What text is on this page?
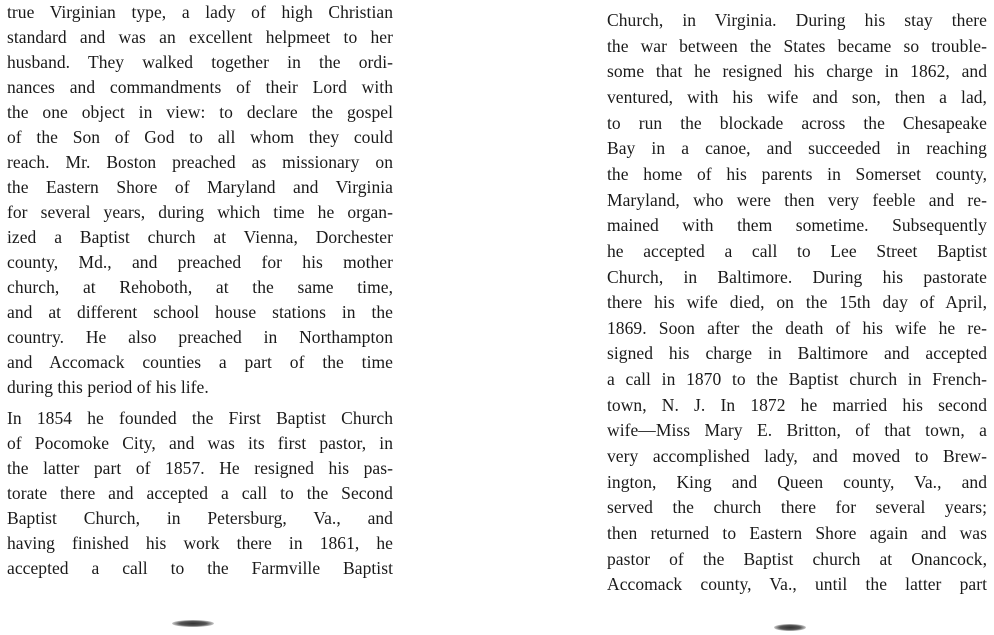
true Virginian type, a lady of high Christian
standard and was an excellent helpmeet to her
husband. They walked together in the ordi-
nances and commandments of their Lord with
the one object in view: to declare the gospel
of the Son of God to all whom they could
reach. Mr. Boston preached as missionary on
the Eastern Shore of Maryland and Virginia
for several years, during which time he organ-
ized a Baptist church at Vienna, Dorchester
county, Md., and preached for his mother
church, at Rehoboth, at the same time,
and at different school house stations in the
country. He also preached in Northampton
and Accomack counties a part of the time
during this period of his life.
In 1854 he founded the First Baptist Church
of Pocomoke City, and was its first pastor, in
the latter part of 1857. He resigned his pas-
torate there and accepted a call to the Second
Baptist Church, in Petersburg, Va., and
having finished his work there in 1861, he
accepted a call to the Farmville Baptist
Church, in Virginia. During his stay there
the war between the States became so trouble-
some that he resigned his charge in 1862, and
ventured, with his wife and son, then a lad,
to run the blockade across the Chesapeake
Bay in a canoe, and succeeded in reaching
the home of his parents in Somerset county,
Maryland, who were then very feeble and re-
mained with them sometime. Subsequently
he accepted a call to Lee Street Baptist
Church, in Baltimore. During his pastorate
there his wife died, on the 15th day of April,
1869. Soon after the death of his wife he re-
signed his charge in Baltimore and accepted
a call in 1870 to the Baptist church in French-
town, N. J. In 1872 he married his second
wife—Miss Mary E. Britton, of that town, a
very accomplished lady, and moved to Brew-
ington, King and Queen county, Va., and
served the church there for several years;
then returned to Eastern Shore again and was
pastor of the Baptist church at Onancock,
Accomack county, Va., until the latter part
